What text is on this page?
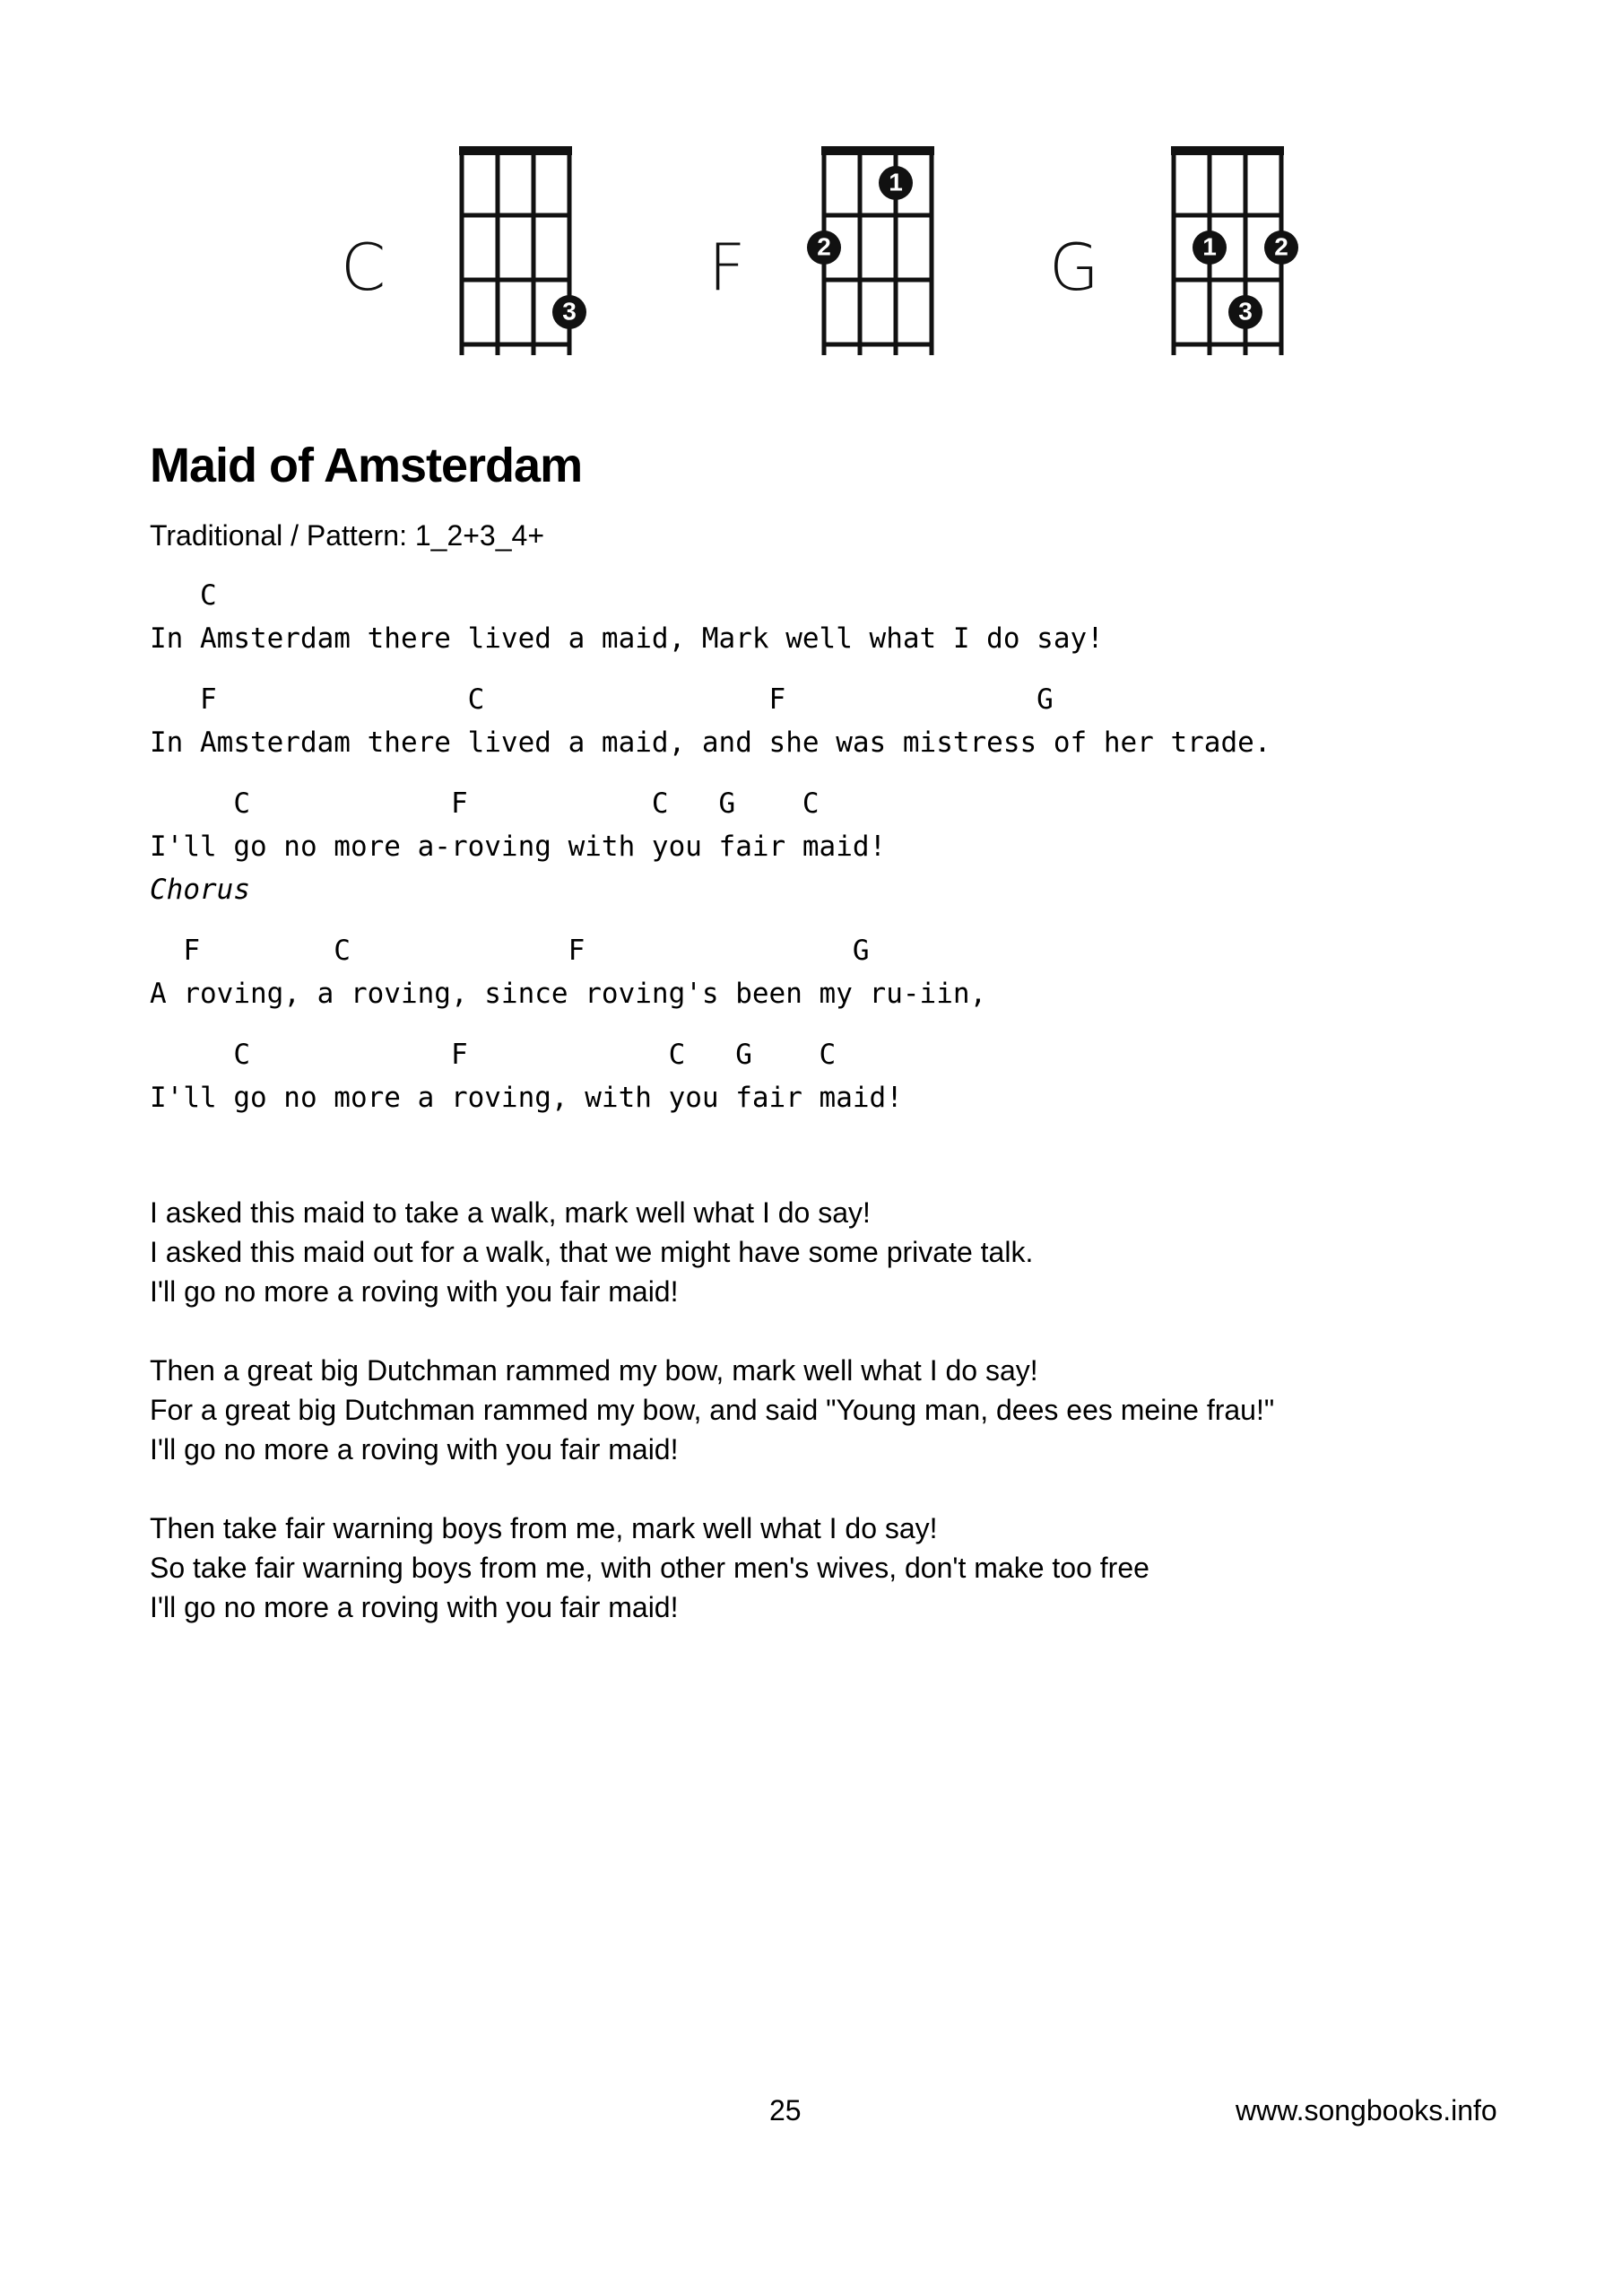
C
3
F
1
2	G	1 2
3
Maid of Amsterdam
Traditional / Pattern: 1_2+3_4+
C
In Amsterdam there lived a maid, Mark well what I do say!
F               C                 F               G
In Amsterdam there lived a maid, and she was mistress of her trade.
C            F           C   G    C
I'll go no more a-roving with you fair maid!
Chorus
F        C             F                G
A roving, a roving, since roving's been my ru-iin,
C            F            C   G    C
I'll go no more a roving, with you fair maid!

I asked this maid to take a walk, mark well what I do say!
I asked this maid out for a walk, that we might have some private talk.
I'll go no more a roving with you fair maid!

Then a great big Dutchman rammed my bow, mark well what I do say!
For a great big Dutchman rammed my bow, and said "Young man, dees ees meine frau!"
I'll go no more a roving with you fair maid!

Then take fair warning boys from me, mark well what I do say!
So take fair warning boys from me, with other men's wives, don't make too free
I'll go no more a roving with you fair maid!

25	www.songbooks.info
